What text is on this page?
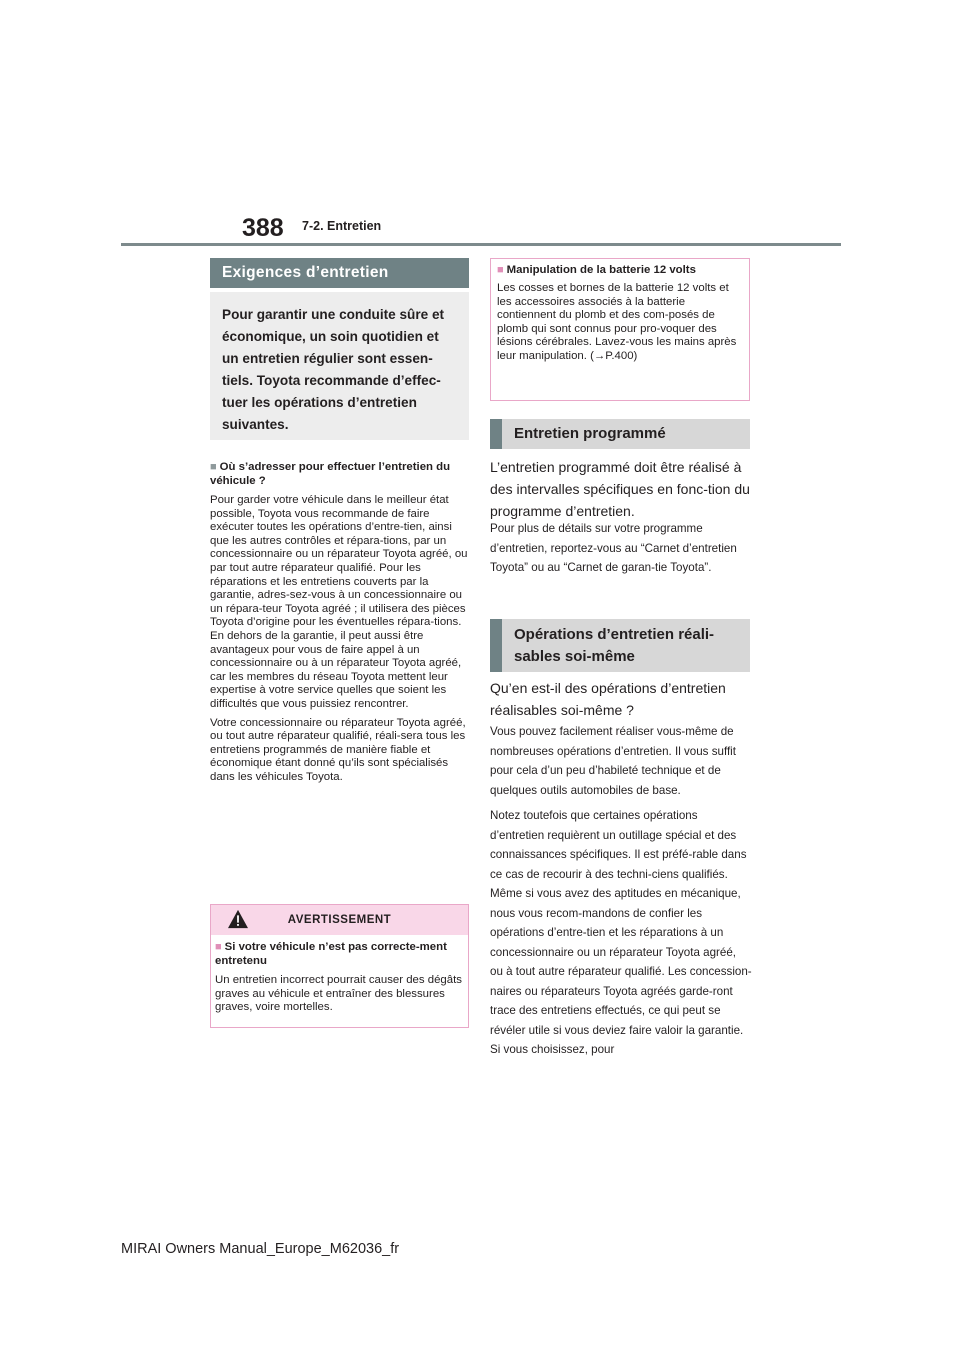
388 7-2. Entretien
Exigences d’entretien
Pour garantir une conduite sûre et économique, un soin quotidien et un entretien régulier sont essen-tiels. Toyota recommande d’effec-tuer les opérations d’entretien suivantes.
■ Où s’adresser pour effectuer l’entretien du véhicule ?

Pour garder votre véhicule dans le meilleur état possible, Toyota vous recommande de faire exécuter toutes les opérations d’entre-tien, ainsi que les autres contrôles et répara-tions, par un concessionnaire ou un réparateur Toyota agréé, ou par tout autre réparateur qualifié. Pour les réparations et les entretiens couverts par la garantie, adres-sez-vous à un concessionnaire ou un répara-teur Toyota agréé ; il utilisera des pièces Toyota d’origine pour les éventuelles répara-tions. En dehors de la garantie, il peut aussi être avantageux pour vous de faire appel à un concessionnaire ou à un réparateur Toyota agréé, car les membres du réseau Toyota mettent leur expertise à votre service quelles que soient les difficultés que vous puissiez rencontrer.

Votre concessionnaire ou réparateur Toyota agréé, ou tout autre réparateur qualifié, réali-sera tous les entretiens programmés de manière fiable et économique étant donné qu’ils sont spécialisés dans les véhicules Toyota.

AVERTISSEMENT
■ Si votre véhicule n’est pas correcte-ment entretenu
Un entretien incorrect pourrait causer des dégâts graves au véhicule et entraîner des blessures graves, voire mortelles.
■ Manipulation de la batterie 12 volts
Les cosses et bornes de la batterie 12 volts et les accessoires associés à la batterie contiennent du plomb et des com-posés de plomb qui sont connus pour pro-voquer des lésions cérébrales. Lavez-vous les mains après leur manipulation. (→P.400)
Entretien programmé
L’entretien programmé doit être réalisé à des intervalles spécifiques en fonc-tion du programme d’entretien.
Pour plus de détails sur votre programme d’entretien, reportez-vous au “Carnet d’entretien Toyota” ou au “Carnet de garan-tie Toyota”.
Opérations d’entretien réali-sables soi-même
Qu’en est-il des opérations d’entretien réalisables soi-même ?

Vous pouvez facilement réaliser vous-même de nombreuses opérations d’entretien. Il vous suffit pour cela d’un peu d’habileté technique et de quelques outils automobiles de base.

Notez toutefois que certaines opérations d’entretien requièrent un outillage spécial et des connaissances spécifiques. Il est préfé-rable dans ce cas de recourir à des techni-ciens qualifiés. Même si vous avez des aptitudes en mécanique, nous vous recom-mandons de confier les opérations d’entre-tien et les réparations à un concessionnaire ou un réparateur Toyota agréé, ou à tout autre réparateur qualifié. Les concession-naires ou réparateurs Toyota agréés garde-ront trace des entretiens effectués, ce qui peut se révéler utile si vous deviez faire valoir la garantie. Si vous choisissez, pour

MIRAI Owners Manual_Europe_M62036_fr
